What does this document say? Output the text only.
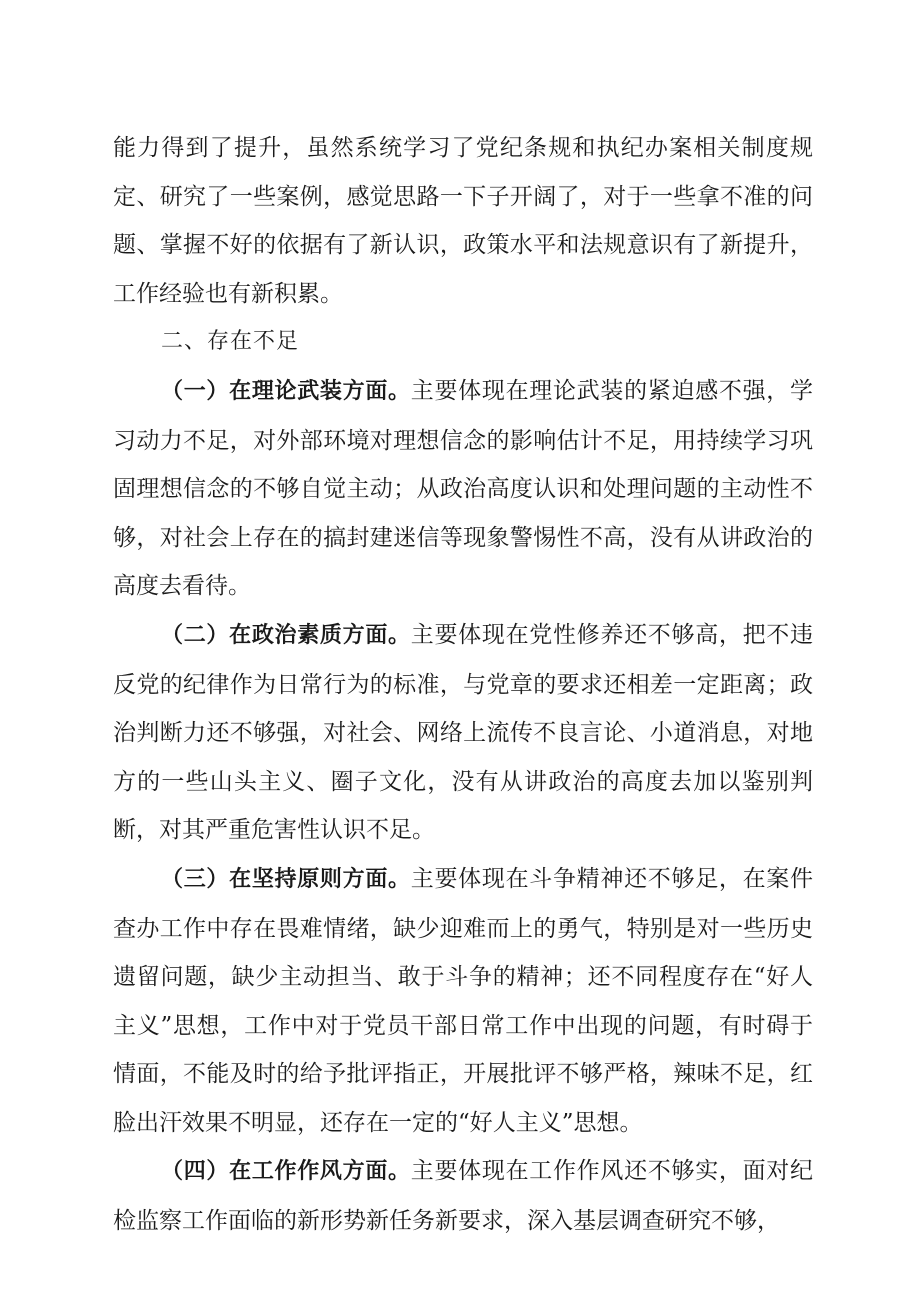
能力得到了提升，虽然系统学习了党纪条规和执纪办案相关制度规定、研究了一些案例，感觉思路一下子开阔了，对于一些拿不准的问题、掌握不好的依据有了新认识，政策水平和法规意识有了新提升，工作经验也有新积累。

二、存在不足

（一）在理论武装方面。主要体现在理论武装的紧迫感不强，学习动力不足，对外部环境对理想信念的影响估计不足，用持续学习巩固理想信念的不够自觉主动；从政治高度认识和处理问题的主动性不够，对社会上存在的搞封建迷信等现象警惕性不高，没有从讲政治的高度去看待。

（二）在政治素质方面。主要体现在党性修养还不够高，把不违反党的纪律作为日常行为的标准，与党章的要求还相差一定距离；政治判断力还不够强，对社会、网络上流传不良言论、小道消息，对地方的一些山头主义、圈子文化，没有从讲政治的高度去加以鉴别判断，对其严重危害性认识不足。

（三）在坚持原则方面。主要体现在斗争精神还不够足，在案件查办工作中存在畏难情绪，缺少迎难而上的勇气，特别是对一些历史遗留问题，缺少主动担当、敢于斗争的精神；还不同程度存在“好人主义”思想，工作中对于党员干部日常工作中出现的问题，有时碍于情面，不能及时的给予批评指正，开展批评不够严格，辣味不足，红脸出汗效果不明显，还存在一定的“好人主义”思想。

（四）在工作作风方面。主要体现在工作作风还不够实，面对纪检监察工作面临的新形势新任务新要求，深入基层调查研究不够，
